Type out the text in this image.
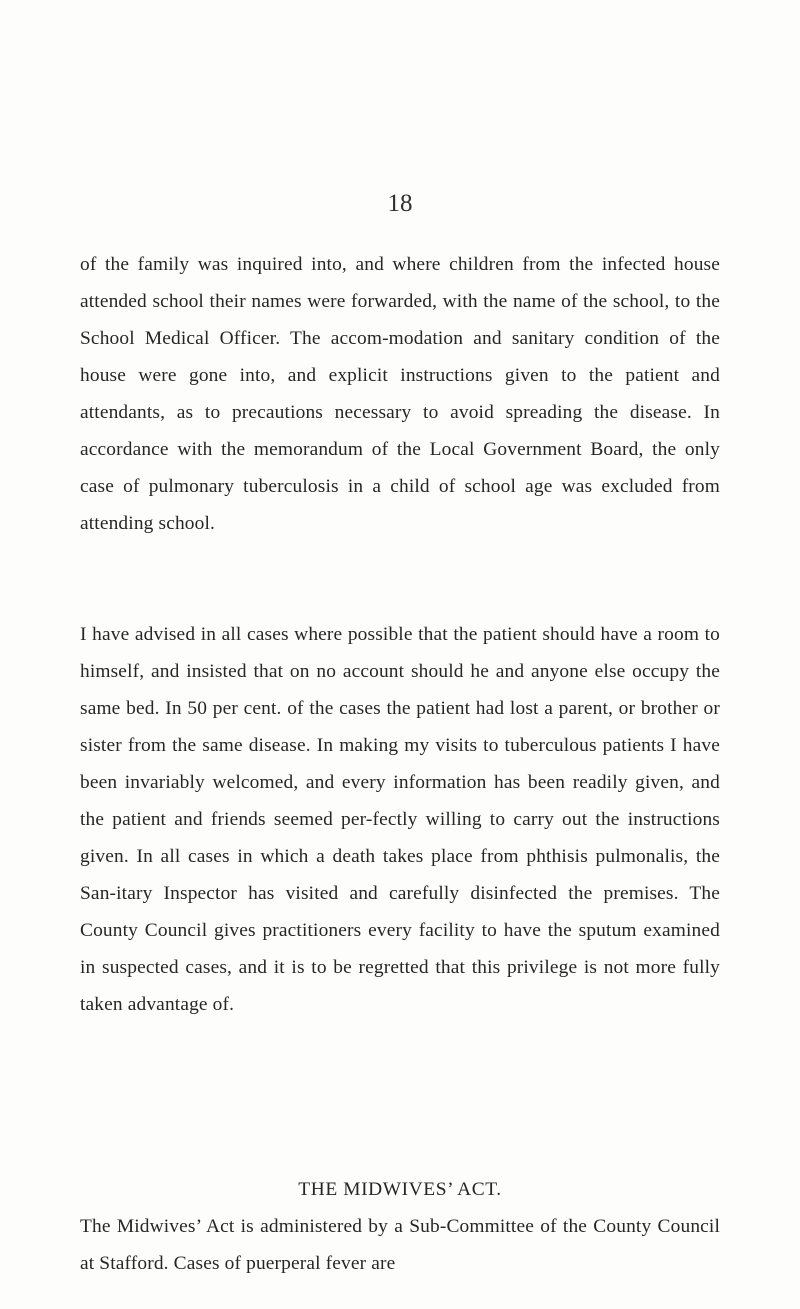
18
of the family was inquired into, and where children from the infected house attended school their names were forwarded, with the name of the school, to the School Medical Officer. The accom-modation and sanitary condition of the house were gone into, and explicit instructions given to the patient and attendants, as to precautions necessary to avoid spreading the disease. In accordance with the memorandum of the Local Government Board, the only case of pulmonary tuberculosis in a child of school age was excluded from attending school.
I have advised in all cases where possible that the patient should have a room to himself, and insisted that on no account should he and anyone else occupy the same bed. In 50 per cent. of the cases the patient had lost a parent, or brother or sister from the same disease. In making my visits to tuberculous patients I have been invariably welcomed, and every information has been readily given, and the patient and friends seemed per-fectly willing to carry out the instructions given. In all cases in which a death takes place from phthisis pulmonalis, the San-itary Inspector has visited and carefully disinfected the premises. The County Council gives practitioners every facility to have the sputum examined in suspected cases, and it is to be regretted that this privilege is not more fully taken advantage of.
THE MIDWIVES’ ACT.
The Midwives’ Act is administered by a Sub-Committee of the County Council at Stafford. Cases of puerperal fever are
